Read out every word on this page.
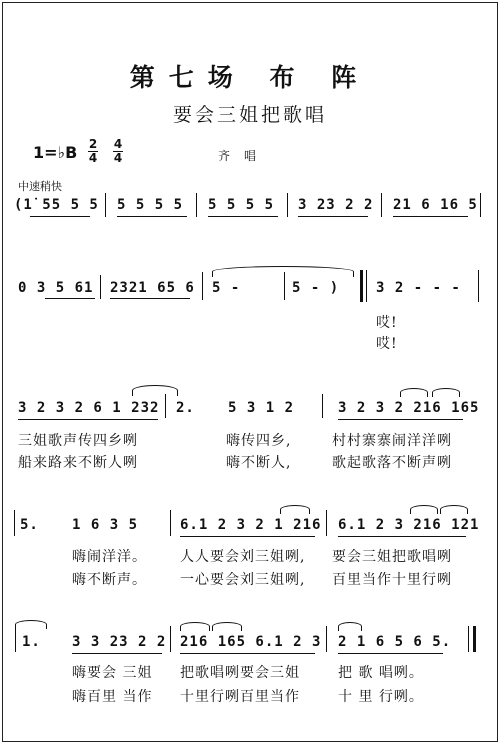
第七场 布 阵
要会三姐把歌唱
1=♭B 2
4
4
4	齐唱
中速稍快
(1̇ 55 5 5 5 5 5 5 5 5 5 5 3 23 2 2 21 6 16 5
0 3 5 61 2321 65 6 5 -	5 - )	3 2 - - -
哎!
哎!
3 2 3 2 6 1 232 2. 5 3 1 2	3 2 3 2 216 165
三姐歌声传四乡咧	嗨传四乡,	村村寨寨闹洋洋咧
船来路来不断人咧	嗨不断人,	歌起歌落不断声咧
5. 1 6 3 5	6.1 2 3 2 1 216 6.1 2 3 216 121
嗨闹洋洋。 人人要会刘三姐咧, 要会三姐把歌唱咧
嗨不断声。 一心要会刘三姐咧, 百里当作十里行咧
1. 3 3 23 2 2 216 165 6.1 2 3 2 1 6 5 6 5.
嗨要会 三姐 把歌唱咧要会三姐	把 歌 唱咧。
嗨百里 当作 十里行咧百里当作	十 里 行咧。
